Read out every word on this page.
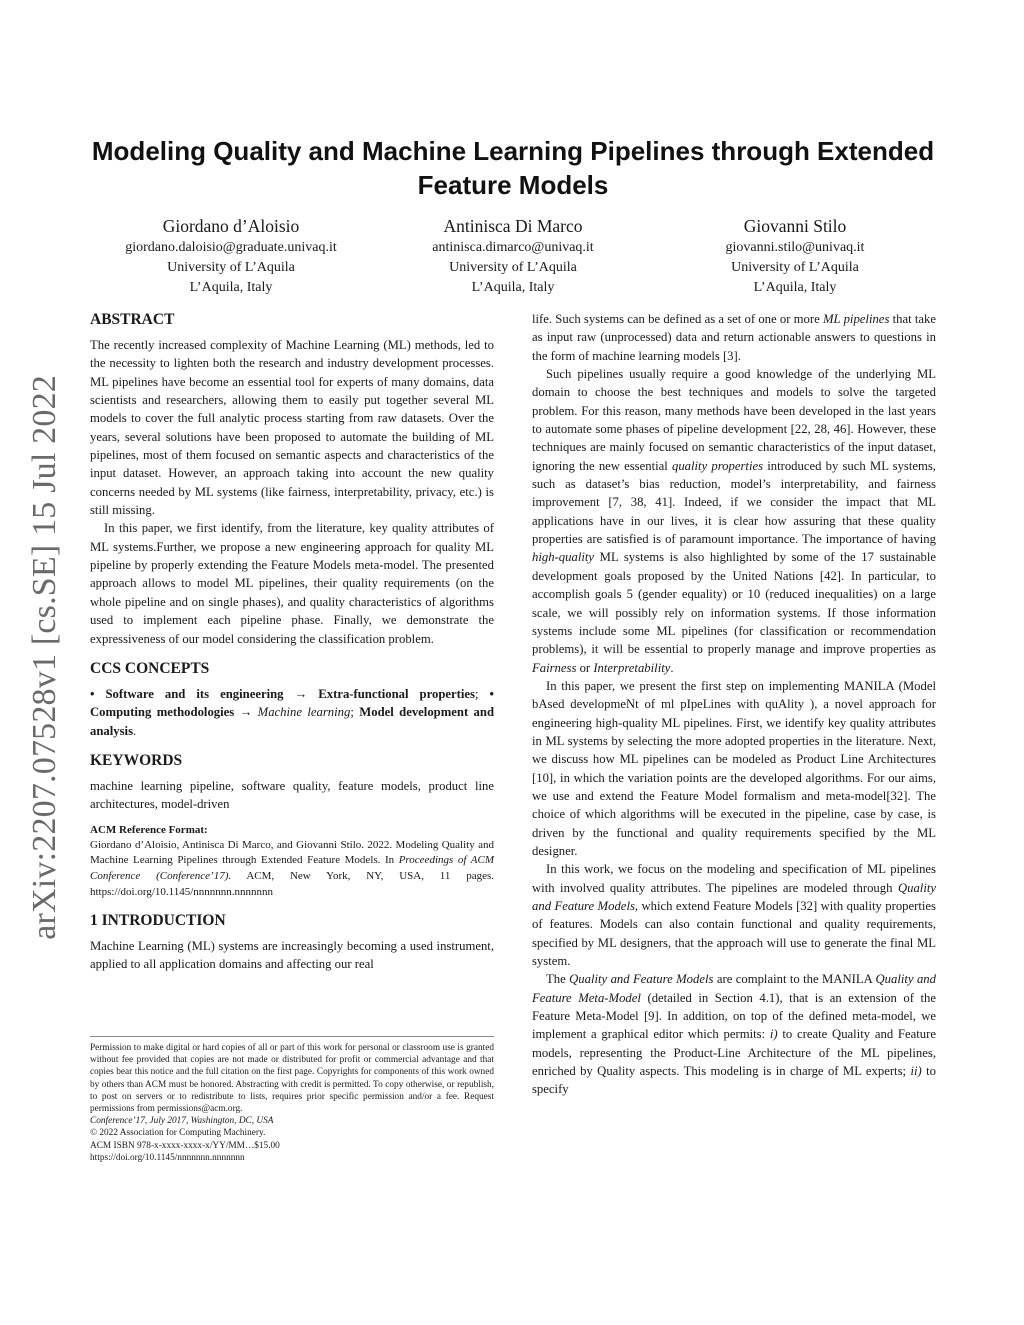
arXiv:2207.07528v1 [cs.SE] 15 Jul 2022
Modeling Quality and Machine Learning Pipelines through Extended Feature Models
Giordano d’Aloisio
giordano.daloisio@graduate.univaq.it
University of L’Aquila
L’Aquila, Italy
Antinisca Di Marco
antinisca.dimarco@univaq.it
University of L’Aquila
L’Aquila, Italy
Giovanni Stilo
giovanni.stilo@univaq.it
University of L’Aquila
L’Aquila, Italy
ABSTRACT

The recently increased complexity of Machine Learning (ML) methods, led to the necessity to lighten both the research and industry development processes. ML pipelines have become an essential tool for experts of many domains, data scientists and researchers, allowing them to easily put together several ML models to cover the full analytic process starting from raw datasets. Over the years, several solutions have been proposed to automate the building of ML pipelines, most of them focused on semantic aspects and characteristics of the input dataset. However, an approach taking into account the new quality concerns needed by ML systems (like fairness, interpretability, privacy, etc.) is still missing.

In this paper, we first identify, from the literature, key quality attributes of ML systems.Further, we propose a new engineering approach for quality ML pipeline by properly extending the Feature Models meta-model. The presented approach allows to model ML pipelines, their quality requirements (on the whole pipeline and on single phases), and quality characteristics of algorithms used to implement each pipeline phase. Finally, we demonstrate the expressiveness of our model considering the classification problem.

CCS CONCEPTS

• Software and its engineering → Extra-functional properties; • Computing methodologies → Machine learning; Model development and analysis.

KEYWORDS

machine learning pipeline, software quality, feature models, product line architectures, model-driven

ACM Reference Format:

Giordano d’Aloisio, Antinisca Di Marco, and Giovanni Stilo. 2022. Modeling Quality and Machine Learning Pipelines through Extended Feature Models. In Proceedings of ACM Conference (Conference’17). ACM, New York, NY, USA, 11 pages. https://doi.org/10.1145/nnnnnnn.nnnnnnn

1 INTRODUCTION

Machine Learning (ML) systems are increasingly becoming a used instrument, applied to all application domains and affecting our real

Permission to make digital or hard copies of all or part of this work for personal or classroom use is granted without fee provided that copies are not made or distributed for profit or commercial advantage and that copies bear this notice and the full citation on the first page. Copyrights for components of this work owned by others than ACM must be honored. Abstracting with credit is permitted. To copy otherwise, or republish, to post on servers or to redistribute to lists, requires prior specific permission and/or a fee. Request permissions from permissions@acm.org.

Conference’17, July 2017, Washington, DC, USA

© 2022 Association for Computing Machinery.

ACM ISBN 978-x-xxxx-xxxx-x/YY/MM…$15.00

https://doi.org/10.1145/nnnnnnn.nnnnnnn

life. Such systems can be defined as a set of one or more ML pipelines that take as input raw (unprocessed) data and return actionable answers to questions in the form of machine learning models [3].

Such pipelines usually require a good knowledge of the underlying ML domain to choose the best techniques and models to solve the targeted problem. For this reason, many methods have been developed in the last years to automate some phases of pipeline development [22, 28, 46]. However, these techniques are mainly focused on semantic characteristics of the input dataset, ignoring the new essential quality properties introduced by such ML systems, such as dataset’s bias reduction, model’s interpretability, and fairness improvement [7, 38, 41]. Indeed, if we consider the impact that ML applications have in our lives, it is clear how assuring that these quality properties are satisfied is of paramount importance. The importance of having high-quality ML systems is also highlighted by some of the 17 sustainable development goals proposed by the United Nations [42]. In particular, to accomplish goals 5 (gender equality) or 10 (reduced inequalities) on a large scale, we will possibly rely on information systems. If those information systems include some ML pipelines (for classification or recommendation problems), it will be essential to properly manage and improve properties as Fairness or Interpretability.

In this paper, we present the first step on implementing MANILA (Model bAsed developmeNt of ml pIpeLines with quAlity ), a novel approach for engineering high-quality ML pipelines. First, we identify key quality attributes in ML systems by selecting the more adopted properties in the literature. Next, we discuss how ML pipelines can be modeled as Product Line Architectures [10], in which the variation points are the developed algorithms. For our aims, we use and extend the Feature Model formalism and meta-model[32]. The choice of which algorithms will be executed in the pipeline, case by case, is driven by the functional and quality requirements specified by the ML designer.

In this work, we focus on the modeling and specification of ML pipelines with involved quality attributes. The pipelines are modeled through Quality and Feature Models, which extend Feature Models [32] with quality properties of features. Models can also contain functional and quality requirements, specified by ML designers, that the approach will use to generate the final ML system.

The Quality and Feature Models are complaint to the MANILA Quality and Feature Meta-Model (detailed in Section 4.1), that is an extension of the Feature Meta-Model [9]. In addition, on top of the defined meta-model, we implement a graphical editor which permits: i) to create Quality and Feature models, representing the Product-Line Architecture of the ML pipelines, enriched by Quality aspects. This modeling is in charge of ML experts; ii) to specify
